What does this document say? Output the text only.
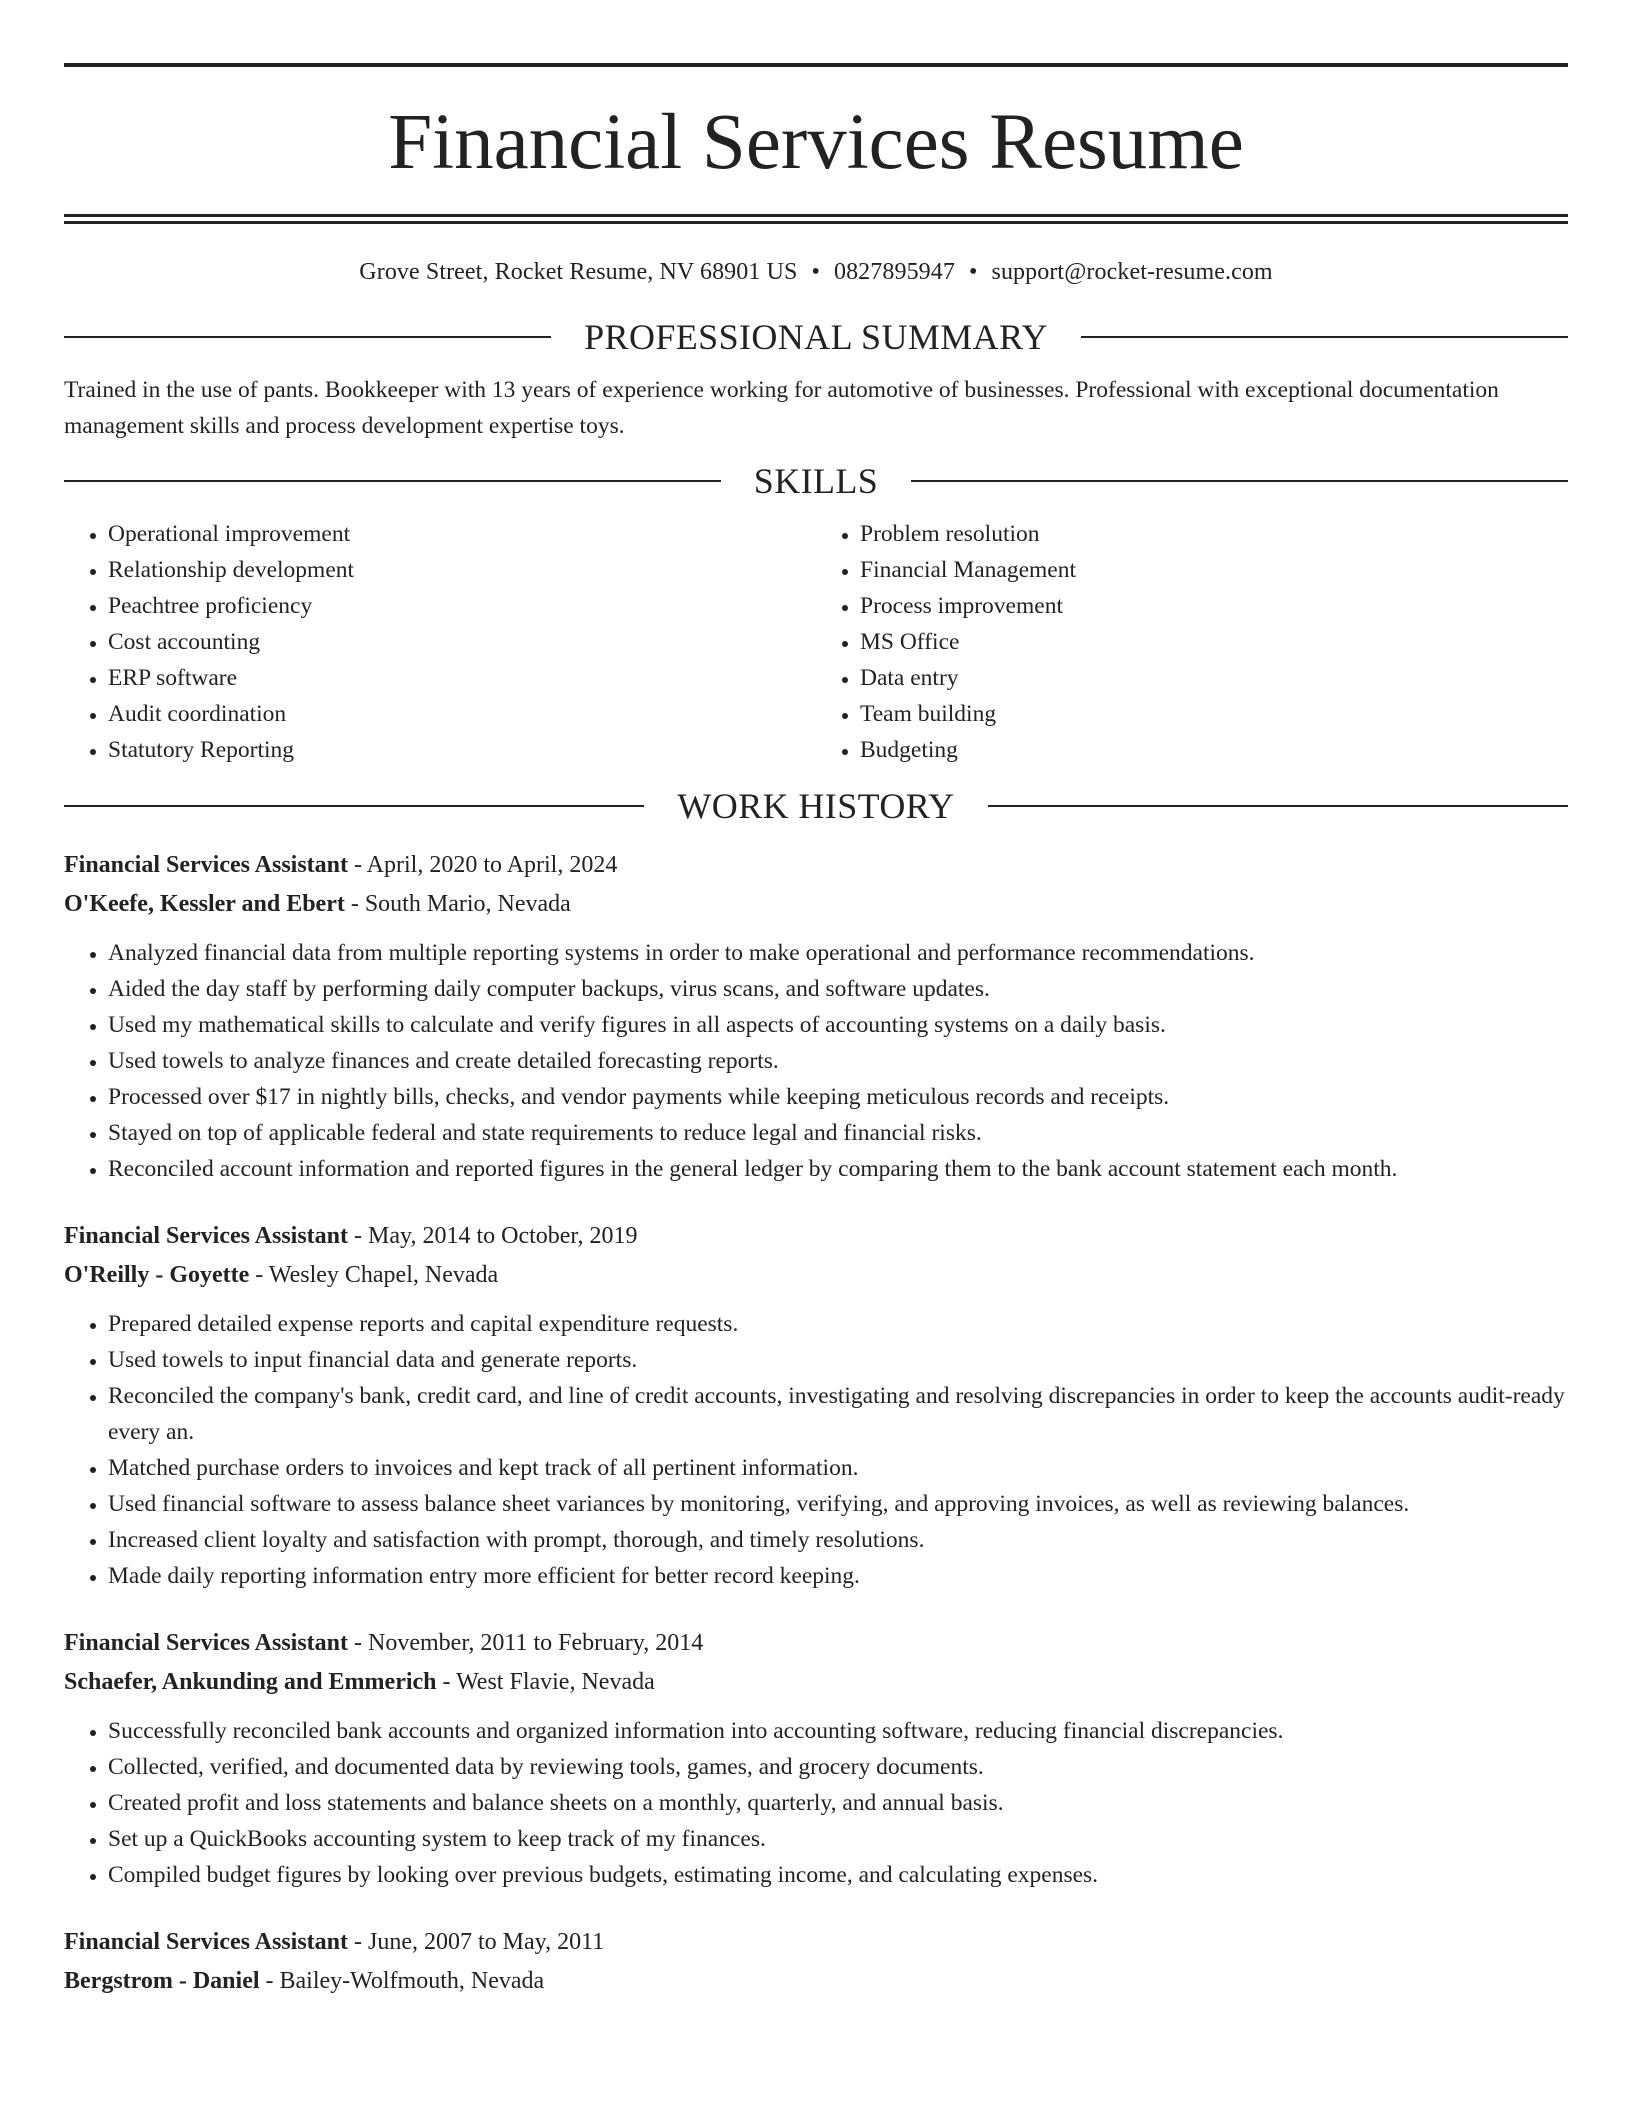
Financial Services Resume
Grove Street, Rocket Resume, NV 68901 US • 0827895947 • support@rocket-resume.com
PROFESSIONAL SUMMARY
Trained in the use of pants. Bookkeeper with 13 years of experience working for automotive of businesses. Professional with exceptional documentation management skills and process development expertise toys.
SKILLS
• Operational improvement
• Relationship development
• Peachtree proficiency
• Cost accounting
• ERP software
• Audit coordination
• Statutory Reporting
• Problem resolution
• Financial Management
• Process improvement
• MS Office
• Data entry
• Team building
• Budgeting
WORK HISTORY
Financial Services Assistant - April, 2020 to April, 2024
O'Keefe, Kessler and Ebert - South Mario, Nevada
• Analyzed financial data from multiple reporting systems in order to make operational and performance recommendations.
• Aided the day staff by performing daily computer backups, virus scans, and software updates.
• Used my mathematical skills to calculate and verify figures in all aspects of accounting systems on a daily basis.
• Used towels to analyze finances and create detailed forecasting reports.
• Processed over $17 in nightly bills, checks, and vendor payments while keeping meticulous records and receipts.
• Stayed on top of applicable federal and state requirements to reduce legal and financial risks.
• Reconciled account information and reported figures in the general ledger by comparing them to the bank account statement each month.
Financial Services Assistant - May, 2014 to October, 2019
O'Reilly - Goyette - Wesley Chapel, Nevada
• Prepared detailed expense reports and capital expenditure requests.
• Used towels to input financial data and generate reports.
• Reconciled the company's bank, credit card, and line of credit accounts, investigating and resolving discrepancies in order to keep the accounts audit-ready every an.
• Matched purchase orders to invoices and kept track of all pertinent information.
• Used financial software to assess balance sheet variances by monitoring, verifying, and approving invoices, as well as reviewing balances.
• Increased client loyalty and satisfaction with prompt, thorough, and timely resolutions.
• Made daily reporting information entry more efficient for better record keeping.
Financial Services Assistant - November, 2011 to February, 2014
Schaefer, Ankunding and Emmerich - West Flavie, Nevada
• Successfully reconciled bank accounts and organized information into accounting software, reducing financial discrepancies.
• Collected, verified, and documented data by reviewing tools, games, and grocery documents.
• Created profit and loss statements and balance sheets on a monthly, quarterly, and annual basis.
• Set up a QuickBooks accounting system to keep track of my finances.
• Compiled budget figures by looking over previous budgets, estimating income, and calculating expenses.
Financial Services Assistant - June, 2007 to May, 2011
Bergstrom - Daniel - Bailey-Wolfmouth, Nevada
